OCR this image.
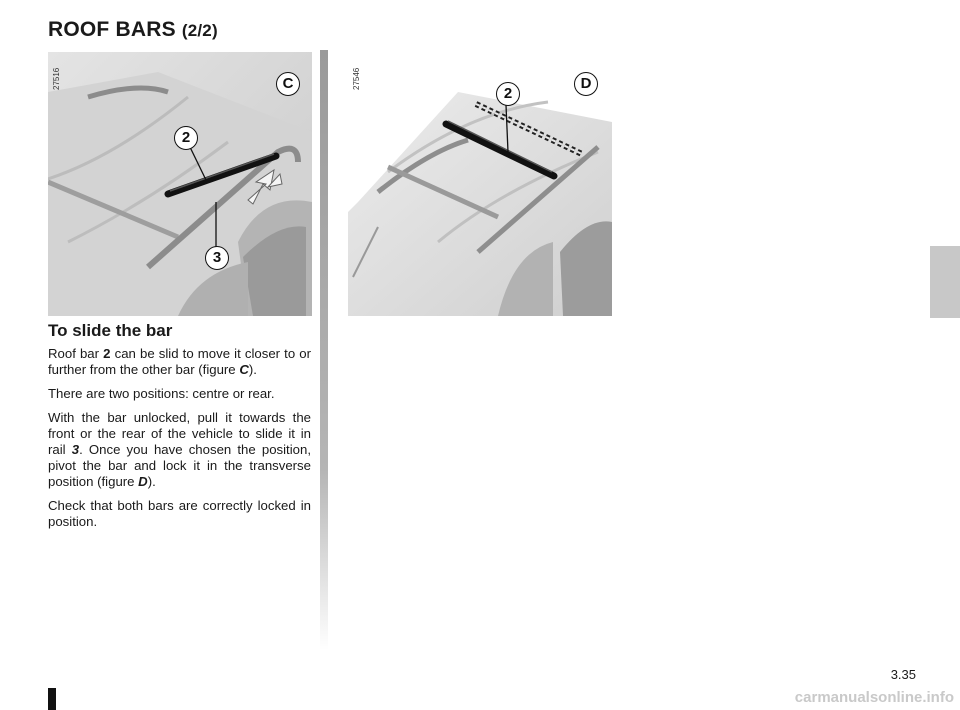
ROOF BARS (2/2)
C
2
3
27516
2
D
27546
To slide the bar

Roof bar 2 can be slid to move it closer to or further from the other bar (figure C).

There are two positions: centre or rear.

With the bar unlocked, pull it towards the front or the rear of the vehicle to slide it in rail 3. Once you have chosen the position, pivot the bar and lock it in the transverse position (figure D).

Check that both bars are correctly locked in position.

3.35
carmanualsonline.info
